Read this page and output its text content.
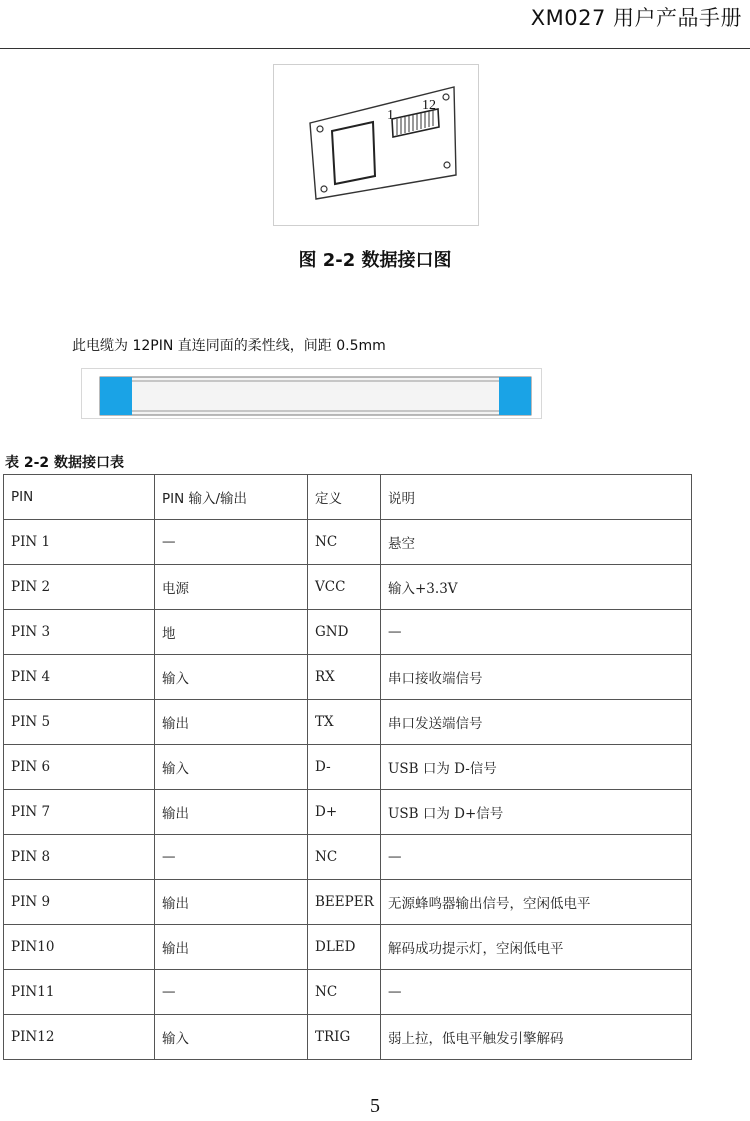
XM027 用户产品手册
1
12
图 2-2 数据接口图
此电缆为 12PIN 直连同面的柔性线，间距 0.5mm
表 2-2 数据接口表
PIN	PIN 输入/输出	定义	说明
PIN 1	—	NC	悬空
PIN 2	电源	VCC	输入+3.3V
PIN 3	地	GND	—
PIN 4	输入	RX	串口接收端信号
PIN 5	输出	TX	串口发送端信号
PIN 6	输入	D-	USB 口为 D-信号
PIN 7	输出	D+	USB 口为 D+信号
PIN 8	—	NC	—
PIN 9	输出	BEEPER	无源蜂鸣器输出信号，空闲低电平
PIN10	输出	DLED	解码成功提示灯，空闲低电平
PIN11	—	NC	—
PIN12	输入	TRIG	弱上拉，低电平触发引擎解码
5
